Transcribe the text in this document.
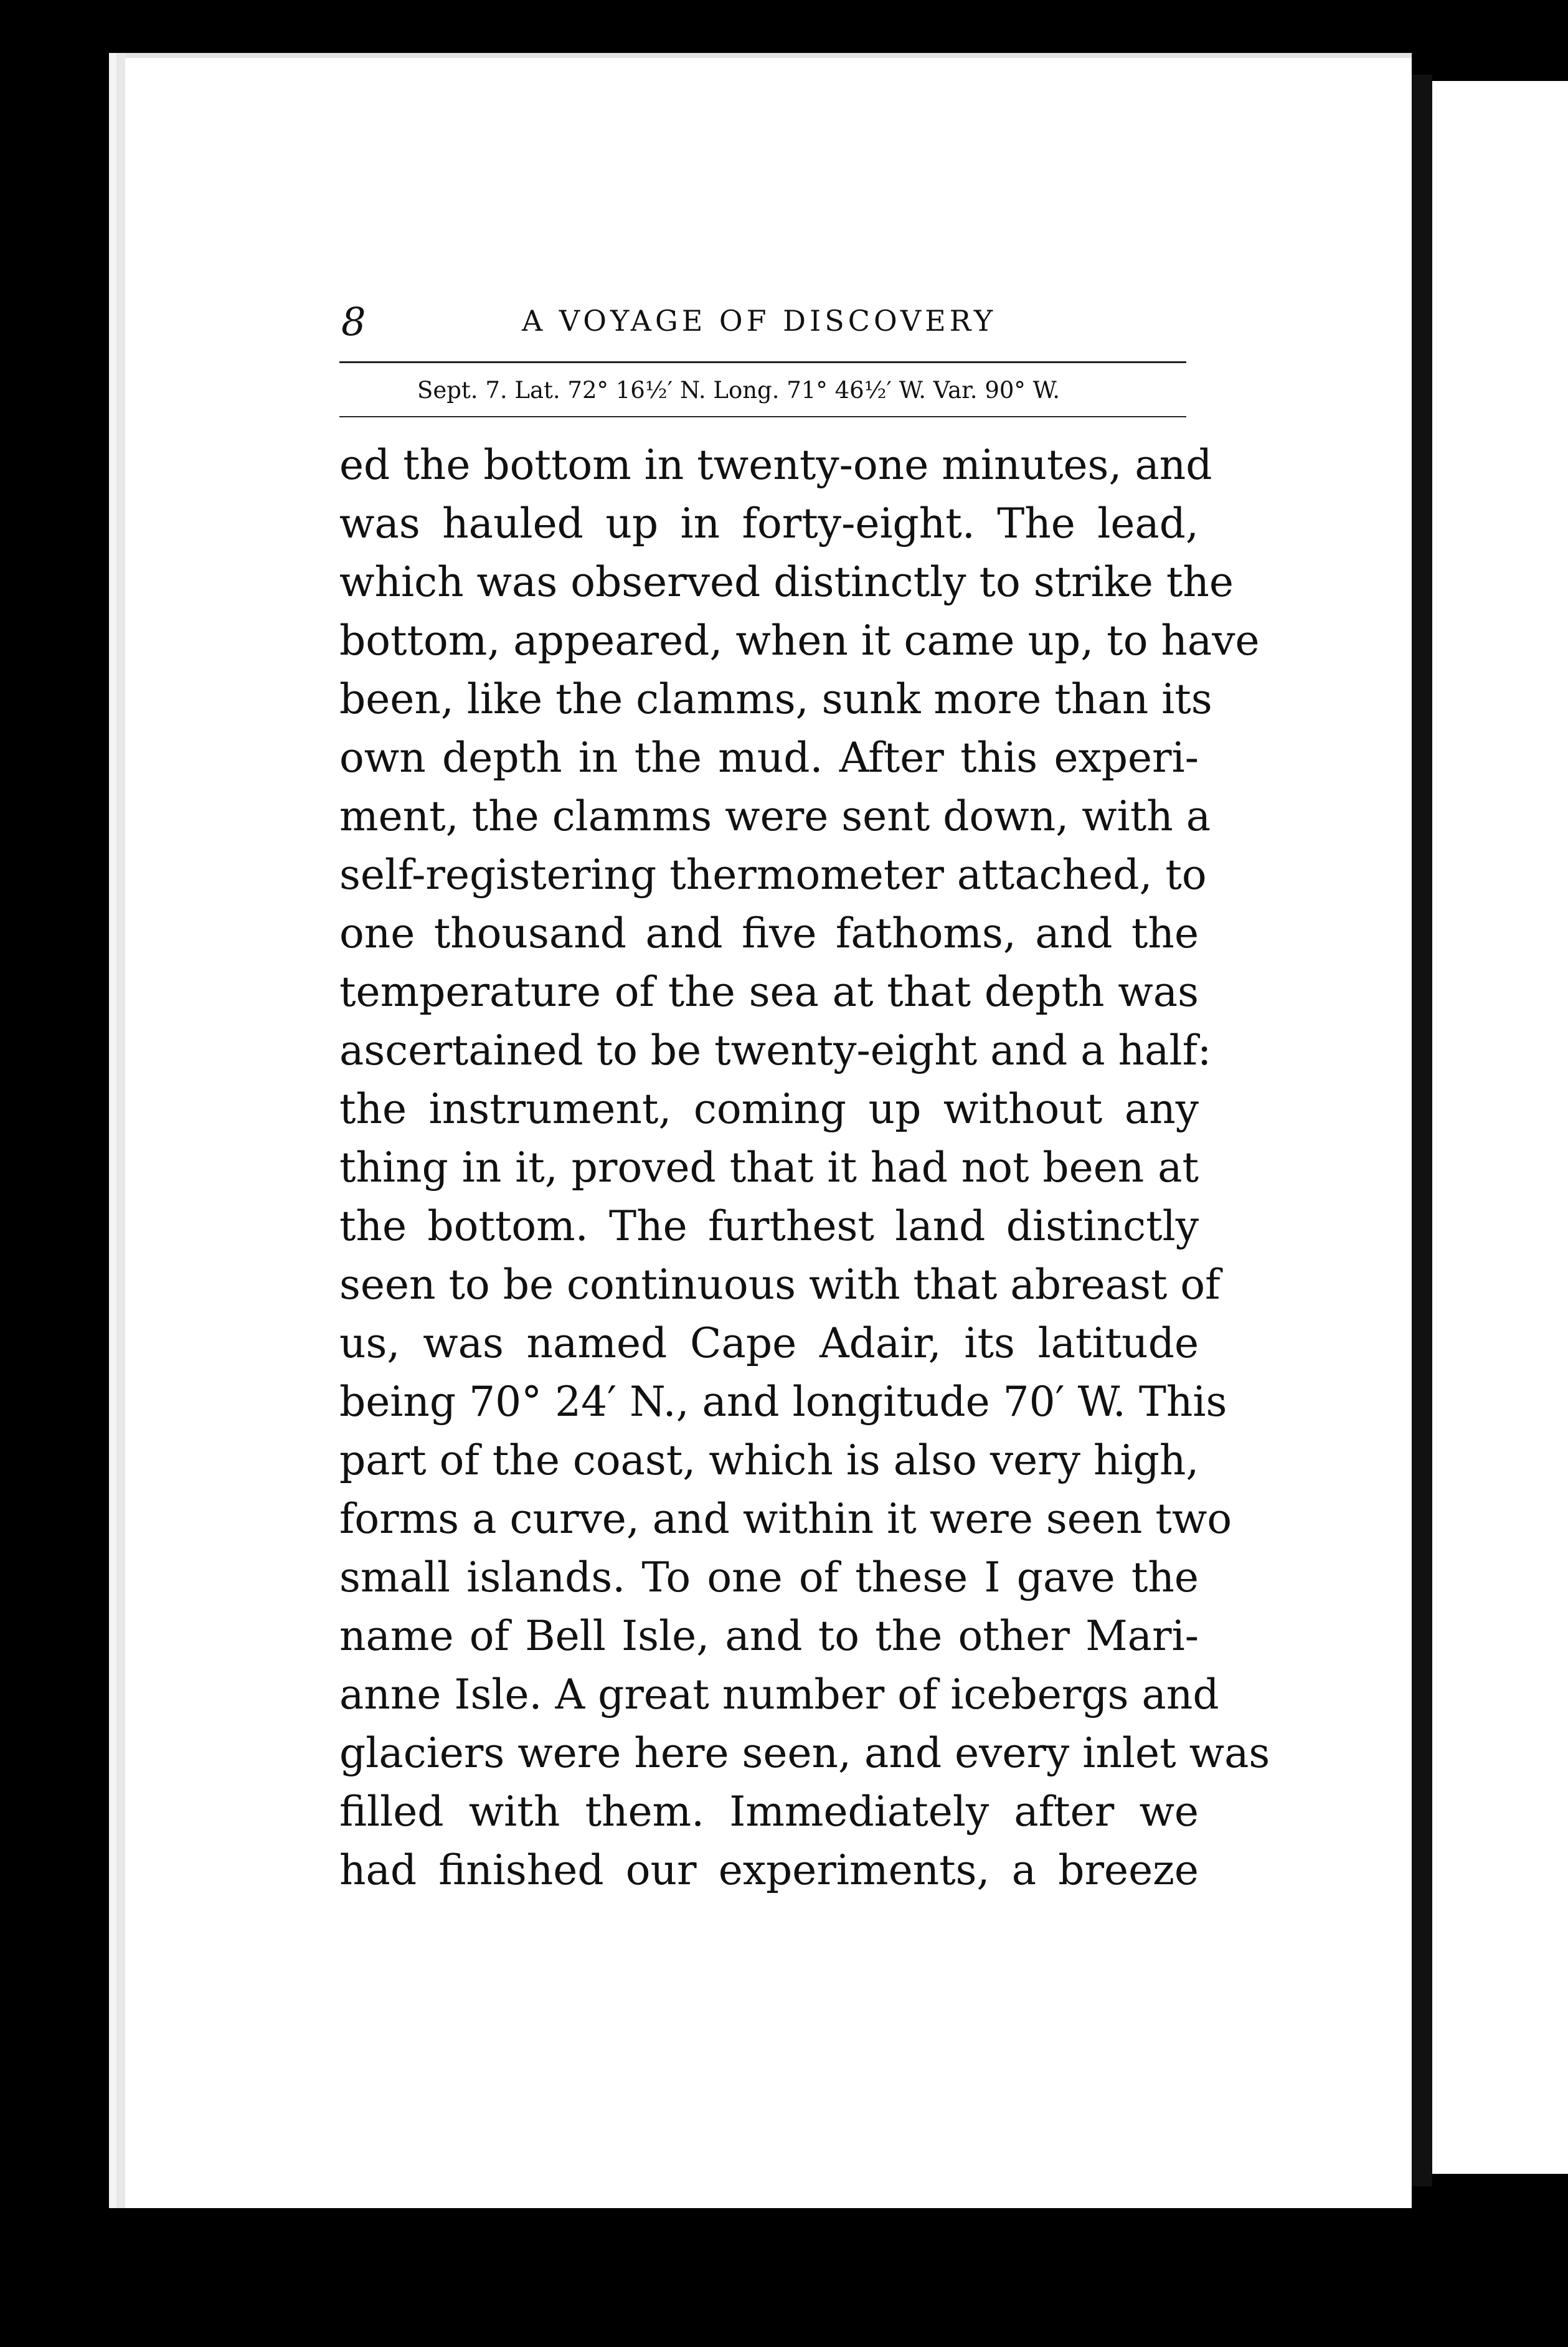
8	A VOYAGE OF DISCOVERY
Sept. 7. Lat. 72° 16½′ N. Long. 71° 46½′ W. Var. 90° W.
ed the bottom in twenty-one minutes, and
was hauled up in forty-eight. The lead,
which was observed distinctly to strike the
bottom, appeared, when it came up, to have
been, like the clamms, sunk more than its
own depth in the mud. After this experi-
ment, the clamms were sent down, with a
self-registering thermometer attached, to
one thousand and five fathoms, and the
temperature of the sea at that depth was
ascertained to be twenty-eight and a half:
the instrument, coming up without any
thing in it, proved that it had not been at
the bottom. The furthest land distinctly
seen to be continuous with that abreast of
us, was named Cape Adair, its latitude
being 70° 24′ N., and longitude 70′ W. This
part of the coast, which is also very high,
forms a curve, and within it were seen two
small islands. To one of these I gave the
name of Bell Isle, and to the other Mari-
anne Isle. A great number of icebergs and
glaciers were here seen, and every inlet was
filled with them. Immediately after we
had finished our experiments, a breeze
